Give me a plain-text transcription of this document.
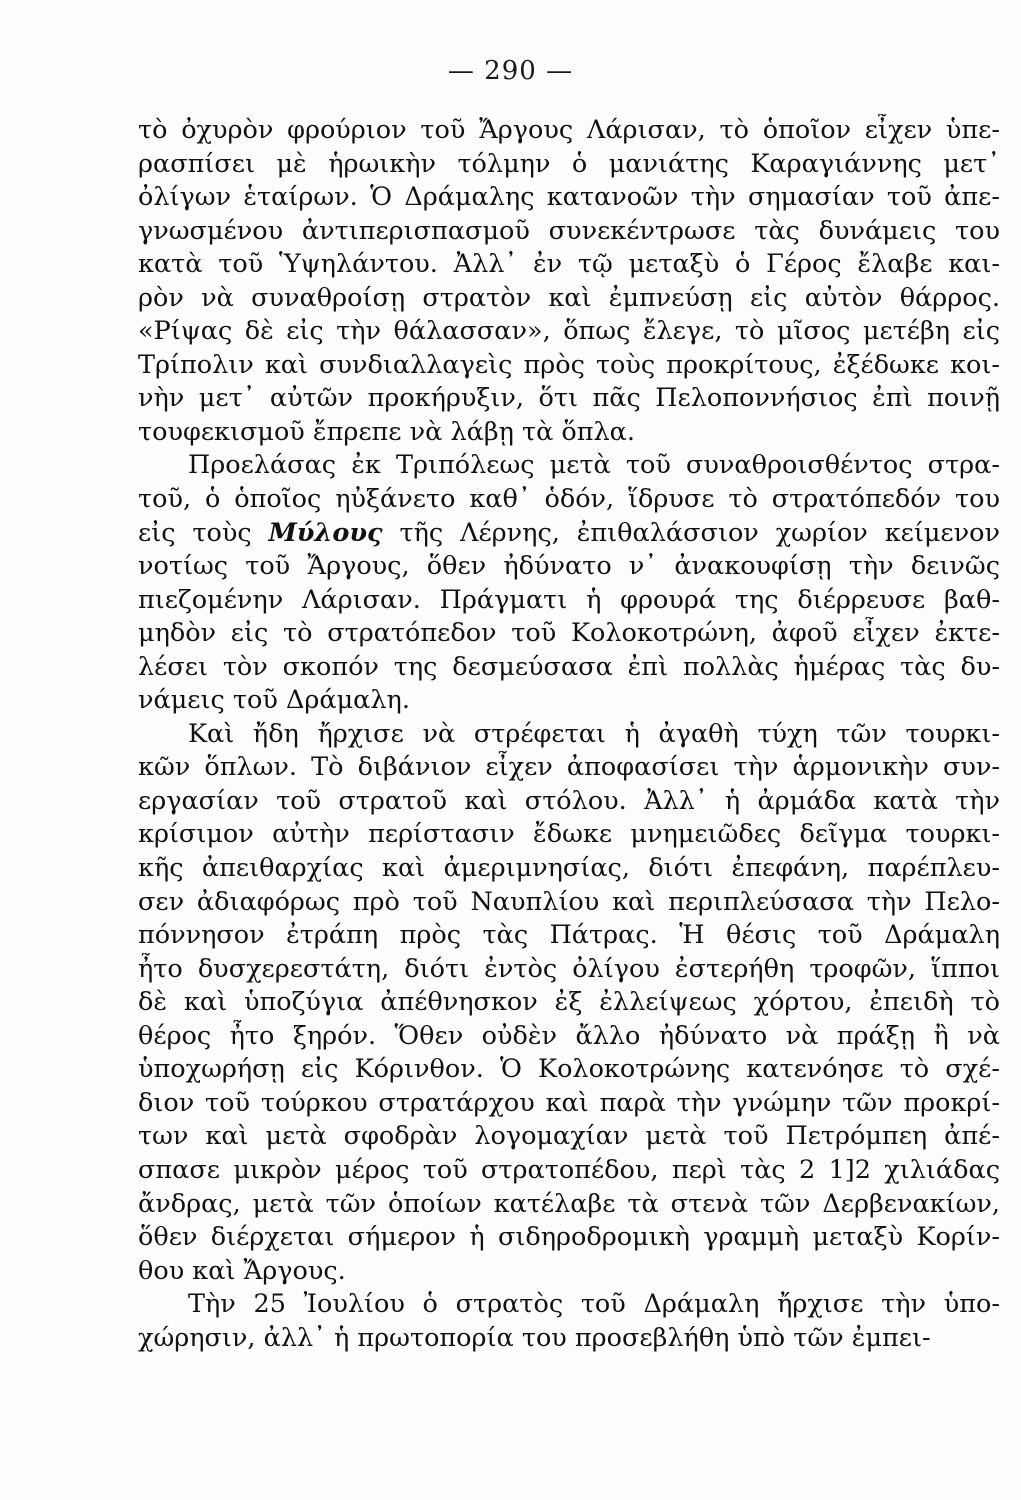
— 290 —
τὸ ὀχυρὸν φρούριον τοῦ Ἄργους Λάρισαν, τὸ ὁποῖον εἶχεν ὑπε-
ρασπίσει μὲ ἡρωικὴν τόλμην ὁ μανιάτης Καραγιάννης μετ᾽
ὀλίγων ἑταίρων. Ὁ Δράμαλης κατανοῶν τὴν σημασίαν τοῦ ἀπε-
γνωσμένου ἀντιπερισπασμοῦ συνεκέντρωσε τὰς δυνάμεις του
κατὰ τοῦ Ὑψηλάντου. Ἀλλ᾽ ἐν τῷ μεταξὺ ὁ Γέρος ἔλαβε και-
ρὸν νὰ συναθροίσῃ στρατὸν καὶ ἐμπνεύσῃ εἰς αὐτὸν θάρρος.
«Ρίψας δὲ εἰς τὴν θάλασσαν», ὅπως ἔλεγε, τὸ μῖσος μετέβη εἰς
Τρίπολιν καὶ συνδιαλλαγεὶς πρὸς τοὺς προκρίτους, ἐξέδωκε κοι-
νὴν μετ᾽ αὐτῶν προκήρυξιν, ὅτι πᾶς Πελοποννήσιος ἐπὶ ποινῇ
τουφεκισμοῦ ἔπρεπε νὰ λάβῃ τὰ ὅπλα.
Προελάσας ἐκ Τριπόλεως μετὰ τοῦ συναθροισθέντος στρα-
τοῦ, ὁ ὁποῖος ηὐξάνετο καθ᾽ ὁδόν, ἵδρυσε τὸ στρατόπεδόν του
εἰς τοὺς Μύλους τῆς Λέρνης, ἐπιθαλάσσιον χωρίον κείμενον
νοτίως τοῦ Ἄργους, ὅθεν ἠδύνατο ν᾽ ἀνακουφίσῃ τὴν δεινῶς
πιεζομένην Λάρισαν. Πράγματι ἡ φρουρά της διέρρευσε βαθ-
μηδὸν εἰς τὸ στρατόπεδον τοῦ Κολοκοτρώνη, ἀφοῦ εἶχεν ἐκτε-
λέσει τὸν σκοπόν της δεσμεύσασα ἐπὶ πολλὰς ἡμέρας τὰς δυ-
νάμεις τοῦ Δράμαλη.
Καὶ ἤδη ἤρχισε νὰ στρέφεται ἡ ἀγαθὴ τύχη τῶν τουρκι-
κῶν ὅπλων. Τὸ διβάνιον εἶχεν ἀποφασίσει τὴν ἁρμονικὴν συν-
εργασίαν τοῦ στρατοῦ καὶ στόλου. Ἀλλ᾽ ἡ ἀρμάδα κατὰ τὴν
κρίσιμον αὐτὴν περίστασιν ἔδωκε μνημειῶδες δεῖγμα τουρκι-
κῆς ἀπειθαρχίας καὶ ἀμεριμνησίας, διότι ἐπεφάνη, παρέπλευ-
σεν ἀδιαφόρως πρὸ τοῦ Ναυπλίου καὶ περιπλεύσασα τὴν Πελο-
πόννησον ἐτράπη πρὸς τὰς Πάτρας. Ἡ θέσις τοῦ Δράμαλη
ἦτο δυσχερεστάτη, διότι ἐντὸς ὀλίγου ἐστερήθη τροφῶν, ἵπποι
δὲ καὶ ὑποζύγια ἀπέθνησκον ἐξ ἐλλείψεως χόρτου, ἐπειδὴ τὸ
θέρος ἦτο ξηρόν. Ὅθεν οὐδὲν ἄλλο ἠδύνατο νὰ πράξῃ ἢ νὰ
ὑποχωρήσῃ εἰς Κόρινθον. Ὁ Κολοκοτρώνης κατενόησε τὸ σχέ-
διον τοῦ τούρκου στρατάρχου καὶ παρὰ τὴν γνώμην τῶν προκρί-
των καὶ μετὰ σφοδρὰν λογομαχίαν μετὰ τοῦ Πετρόμπεη ἀπέ-
σπασε μικρὸν μέρος τοῦ στρατοπέδου, περὶ τὰς 2 1]2 χιλιάδας
ἄνδρας, μετὰ τῶν ὁποίων κατέλαβε τὰ στενὰ τῶν Δερβενακίων,
ὅθεν διέρχεται σήμερον ἡ σιδηροδρομικὴ γραμμὴ μεταξὺ Κορίν-
θου καὶ Ἄργους.
Τὴν 25 Ἰουλίου ὁ στρατὸς τοῦ Δράμαλη ἤρχισε τὴν ὑπο-
χώρησιν, ἀλλ᾽ ἡ πρωτοπορία του προσεβλήθη ὑπὸ τῶν ἐμπει-
